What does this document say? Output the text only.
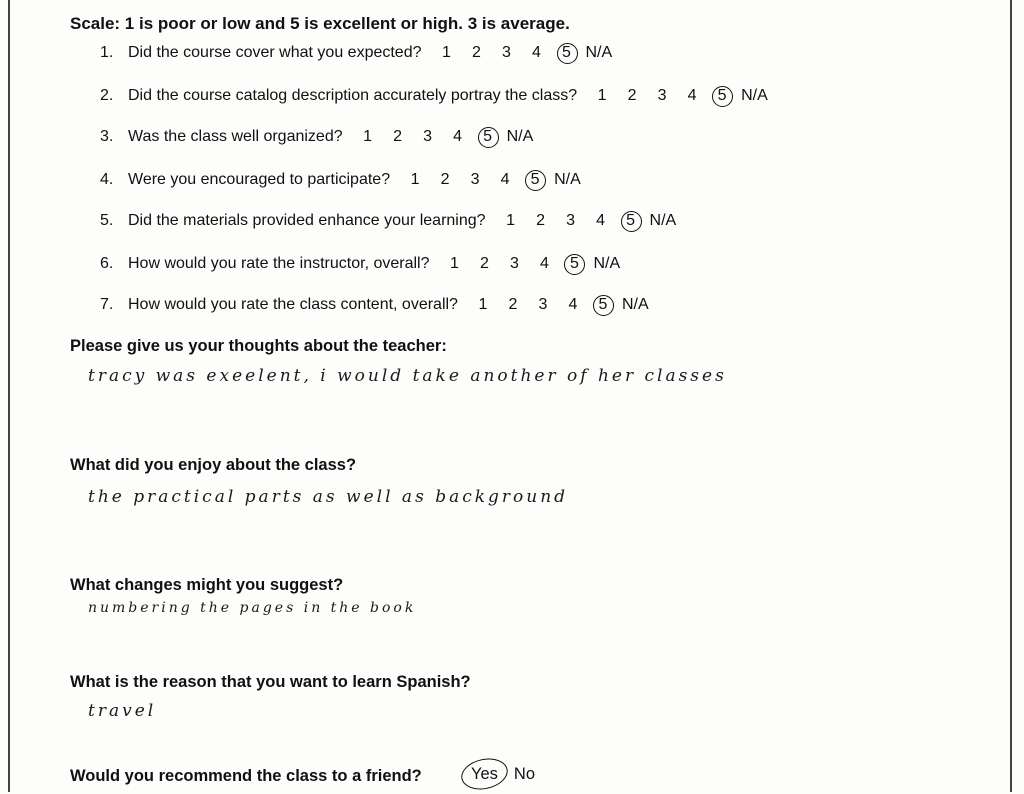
Scale: 1 is poor or low and 5 is excellent or high. 3 is average.
1. Did the course cover what you expected?	1	2	3	4	5 N/A
2. Did the course catalog description accurately portray the class?	1	2	3	4	5 N/A
3. Was the class well organized?	1	2	3	4	5 N/A
4. Were you encouraged to participate?	1	2	3	4	5 N/A
5. Did the materials provided enhance your learning?	1	2	3	4	5 N/A
6. How would you rate the instructor, overall?	1	2	3	4	5 N/A
7. How would you rate the class content, overall?	1	2	3	4	5 N/A
Please give us your thoughts about the teacher:
tracy was exeelent, i would take another of her classes
What did you enjoy about the class?
the practical parts as well as background
What changes might you suggest?
numbering the pages in the book
What is the reason that you want to learn Spanish?
travel
Would you recommend the class to a friend?	Yes No
